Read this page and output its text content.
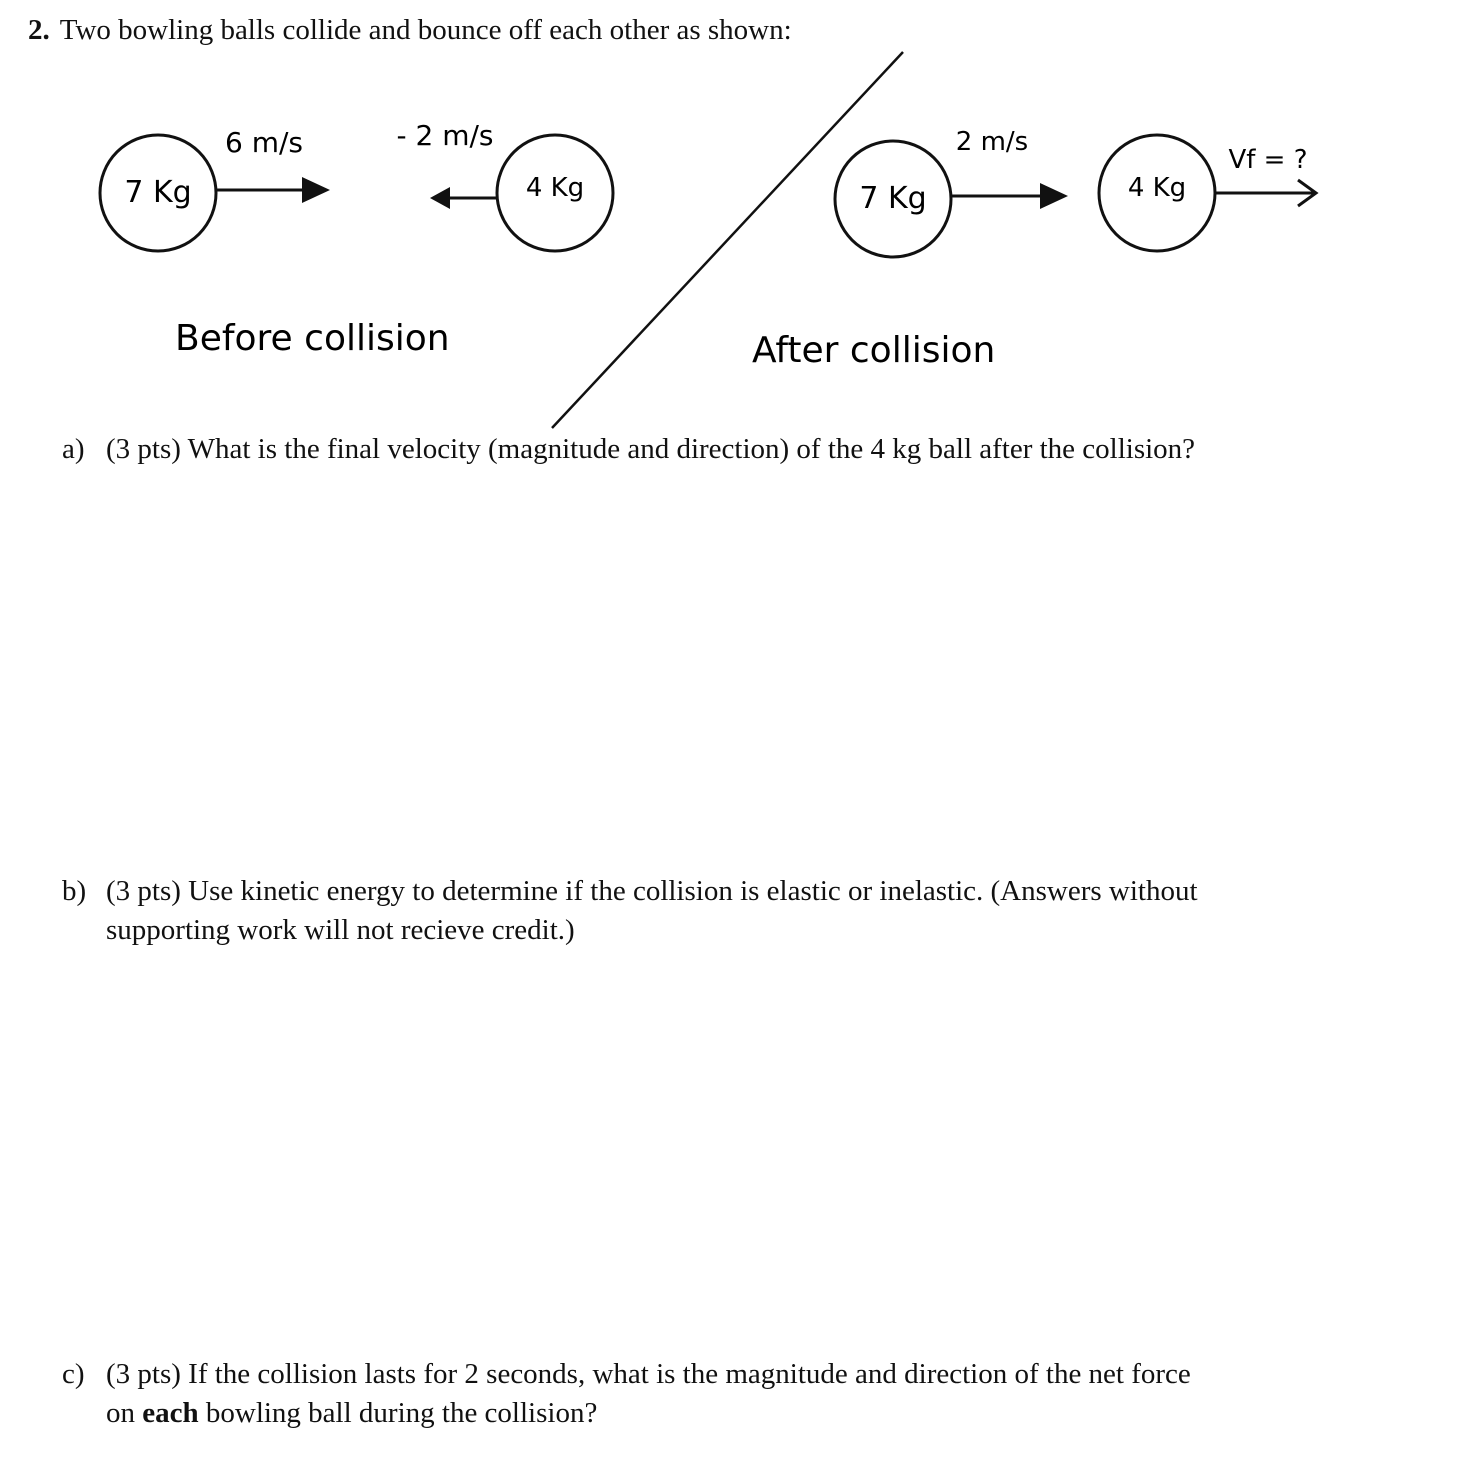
2. Two bowling balls collide and bounce off each other as shown:
7 Kg
6 m/s
4 Kg
- 2 m/s
Before collision
7 Kg
2 m/s
4 Kg
Vf = ?
After collision
a) (3 pts) What is the final velocity (magnitude and direction) of the 4 kg ball after the collision?
b) (3 pts) Use kinetic energy to determine if the collision is elastic or inelastic. (Answers without
supporting work will not recieve credit.)
c) (3 pts) If the collision lasts for 2 seconds, what is the magnitude and direction of the net force
on each bowling ball during the collision?
